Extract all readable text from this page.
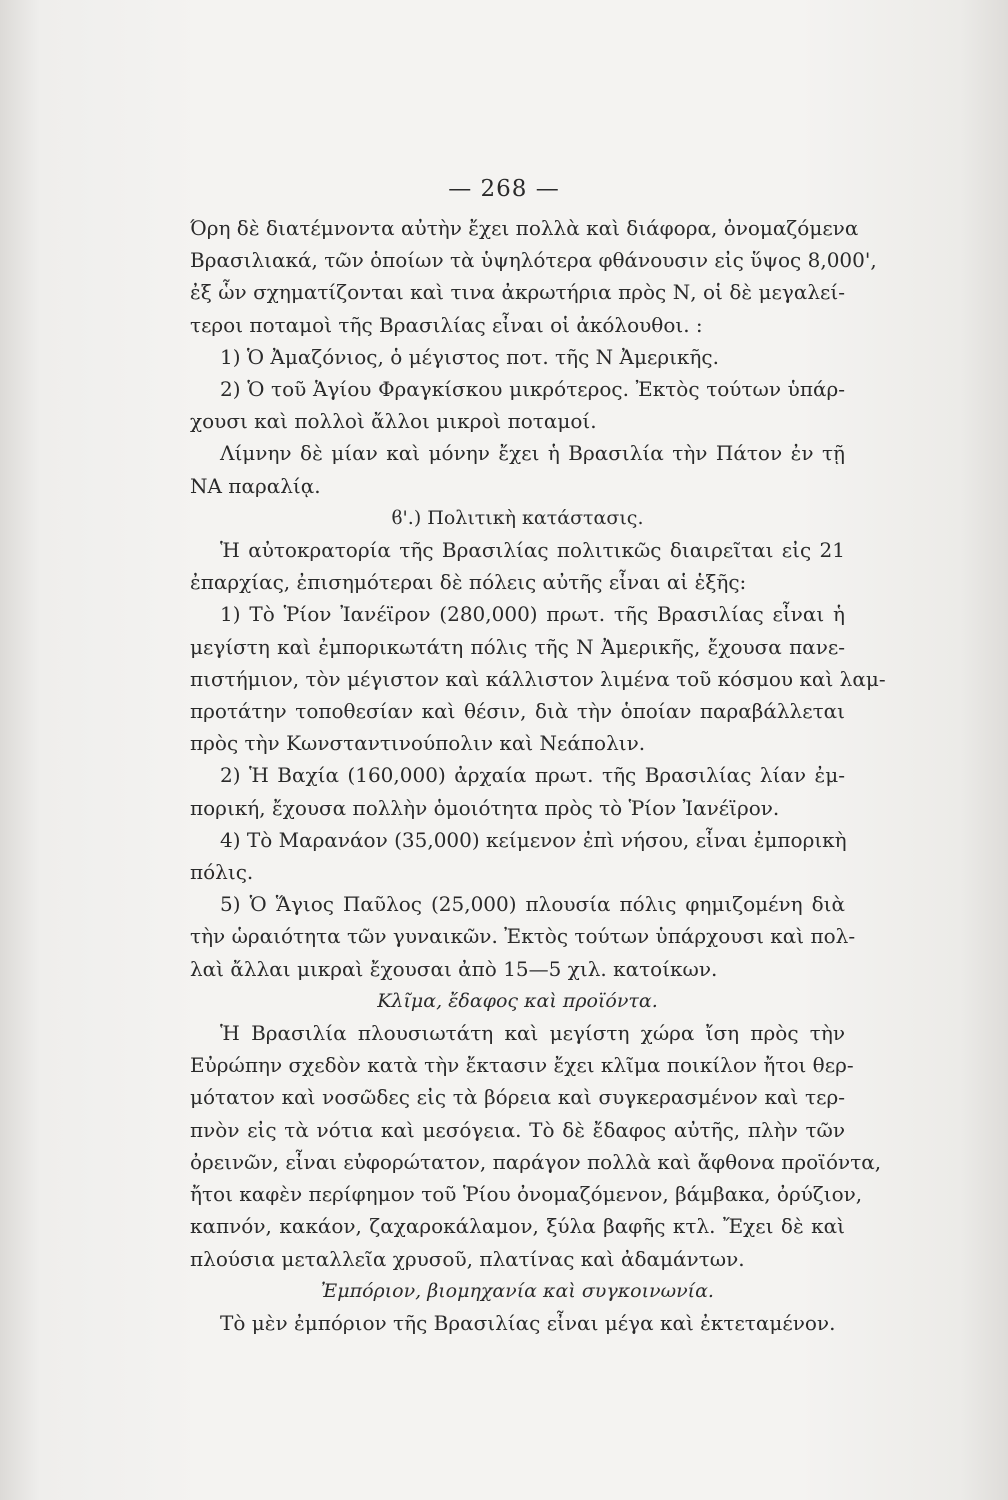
— 268 —
Όρη δὲ διατέμνοντα αὐτὴν ἔχει πολλὰ καὶ διάφορα, ὀνομαζόμενα
Βρασιλιακά, τῶν ὁποίων τὰ ὑψηλότερα φθάνουσιν εἰς ὕψος 8,000',
ἐξ ὧν σχηματίζονται καὶ τινα ἀκρωτήρια πρὸς Ν, οἱ δὲ μεγαλεί-
τεροι ποταμοὶ τῆς Βρασιλίας εἶναι οἱ ἀκόλουθοι. :
1) Ὁ Ἀμαζόνιος, ὁ μέγιστος ποτ. τῆς Ν Ἀμερικῆς.
2) Ὁ τοῦ Ἁγίου Φραγκίσκου μικρότερος. Ἐκτὸς τούτων ὑπάρ-
χουσι καὶ πολλοὶ ἄλλοι μικροὶ ποταμοί.
Λίμνην δὲ μίαν καὶ μόνην ἔχει ἡ Βρασιλία τὴν Πάτον ἐν τῇ
ΝΑ παραλίᾳ.
ϐ'.) Πολιτικὴ κατάστασις.
Ἡ αὐτοκρατορία τῆς Βρασιλίας πολιτικῶς διαιρεῖται εἰς 21
ἐπαρχίας, ἐπισημότεραι δὲ πόλεις αὐτῆς εἶναι αἱ ἑξῆς:
1) Τὸ Ῥίον Ἰανέϊρον (280,000) πρωτ. τῆς Βρασιλίας εἶναι ἡ
μεγίστη καὶ ἐμπορικωτάτη πόλις τῆς Ν Ἀμερικῆς, ἔχουσα πανε-
πιστήμιον, τὸν μέγιστον καὶ κάλλιστον λιμένα τοῦ κόσμου καὶ λαμ-
προτάτην τοποθεσίαν καὶ θέσιν, διὰ τὴν ὁποίαν παραβάλλεται
πρὸς τὴν Κωνσταντινούπολιν καὶ Νεάπολιν.
2) Ἡ Βαχία (160,000) ἀρχαία πρωτ. τῆς Βρασιλίας λίαν ἐμ-
πορική, ἔχουσα πολλὴν ὁμοιότητα πρὸς τὸ Ῥίον Ἰανέϊρον.
4) Τὸ Μαρανάον (35,000) κείμενον ἐπὶ νήσου, εἶναι ἐμπορικὴ
πόλις.
5) Ὁ Ἅγιος Παῦλος (25,000) πλουσία πόλις φημιζομένη διὰ
τὴν ὡραιότητα τῶν γυναικῶν. Ἐκτὸς τούτων ὑπάρχουσι καὶ πολ-
λαὶ ἄλλαι μικραὶ ἔχουσαι ἀπὸ 15—5 χιλ. κατοίκων.
Κλῖμα, ἔδαφος καὶ προϊόντα.
Ἡ Βρασιλία πλουσιωτάτη καὶ μεγίστη χώρα ἴση πρὸς τὴν
Εὐρώπην σχεδὸν κατὰ τὴν ἔκτασιν ἔχει κλῖμα ποικίλον ἤτοι θερ-
μότατον καὶ νοσῶδες εἰς τὰ βόρεια καὶ συγκερασμένον καὶ τερ-
πνὸν εἰς τὰ νότια καὶ μεσόγεια. Τὸ δὲ ἔδαφος αὐτῆς, πλὴν τῶν
ὀρεινῶν, εἶναι εὐφορώτατον, παράγον πολλὰ καὶ ἄφθονα προϊόντα,
ἤτοι καφὲν περίφημον τοῦ Ῥίου ὀνομαζόμενον, βάμβακα, ὀρύζιον,
καπνόν, κακάον, ζαχαροκάλαμον, ξύλα βαφῆς κτλ. Ἔχει δὲ καὶ
πλούσια μεταλλεῖα χρυσοῦ, πλατίνας καὶ ἀδαμάντων.
Ἐμπόριον, βιομηχανία καὶ συγκοινωνία.
Τὸ μὲν ἐμπόριον τῆς Βρασιλίας εἶναι μέγα καὶ ἐκτεταμένον.
